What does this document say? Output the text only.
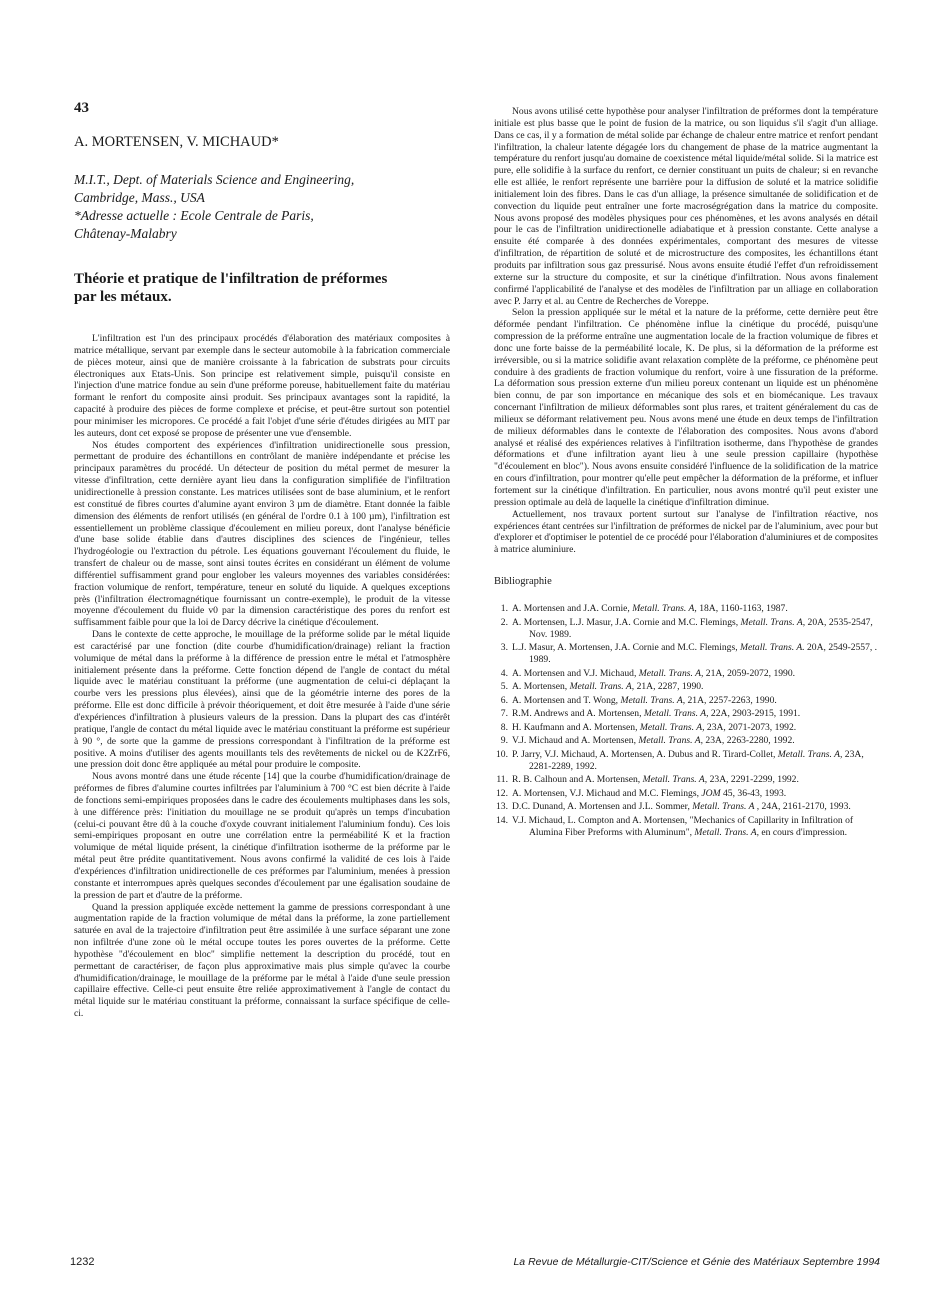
43
A. MORTENSEN, V. MICHAUD*
M.I.T., Dept. of Materials Science and Engineering,
Cambridge, Mass., USA
*Adresse actuelle : Ecole Centrale de Paris,
Châtenay-Malabry
Théorie et pratique de l'infiltration de préformes
par les métaux.

L'infiltration est l'un des principaux procédés d'élaboration des matériaux composites à matrice métallique, servant par exemple dans le secteur automobile à la fabrication commerciale de pièces moteur, ainsi que de manière croissante à la fabrication de substrats pour circuits électroniques aux Etats-Unis. Son principe est relativement simple, puisqu'il consiste en l'injection d'une matrice fondue au sein d'une préforme poreuse, habituellement faite du matériau formant le renfort du composite ainsi produit. Ses principaux avantages sont la rapidité, la capacité à produire des pièces de forme complexe et précise, et peut-être surtout son potentiel pour minimiser les micropores. Ce procédé a fait l'objet d'une série d'études dirigées au MIT par les auteurs, dont cet exposé se propose de présenter une vue d'ensemble.

Nos études comportent des expériences d'infiltration unidirectionelle sous pression, permettant de produire des échantillons en contrôlant de manière indépendante et précise les principaux paramètres du procédé. Un détecteur de position du métal permet de mesurer la vitesse d'infiltration, cette dernière ayant lieu dans la configuration simplifiée de l'infiltration unidirectionelle à pression constante. Les matrices utilisées sont de base aluminium, et le renfort est constitué de fibres courtes d'alumine ayant environ 3 µm de diamètre. Etant donnée la faible dimension des éléments de renfort utilisés (en général de l'ordre 0.1 à 100 µm), l'infiltration est essentiellement un problème classique d'écoulement en milieu poreux, dont l'analyse bénéficie d'une base solide établie dans d'autres disciplines des sciences de l'ingénieur, telles l'hydrogéologie ou l'extraction du pétrole. Les équations gouvernant l'écoulement du fluide, le transfert de chaleur ou de masse, sont ainsi toutes écrites en considérant un élément de volume différentiel suffisamment grand pour englober les valeurs moyennes des variables considérées: fraction volumique de renfort, température, teneur en soluté du liquide. A quelques exceptions près (l'infiltration électromagnétique fournissant un contre-exemple), le produit de la vitesse moyenne d'écoulement du fluide v0 par la dimension caractéristique des pores du renfort est suffisamment faible pour que la loi de Darcy décrive la cinétique d'écoulement.

Dans le contexte de cette approche, le mouillage de la préforme solide par le métal liquide est caractérisé par une fonction (dite courbe d'humidification/drainage) reliant la fraction volumique de métal dans la préforme à la différence de pression entre le métal et l'atmosphère initialement présente dans la préforme. Cette fonction dépend de l'angle de contact du métal liquide avec le matériau constituant la préforme (une augmentation de celui-ci déplaçant la courbe vers les pressions plus élevées), ainsi que de la géométrie interne des pores de la préforme. Elle est donc difficile à prévoir théoriquement, et doit être mesurée à l'aide d'une série d'expériences d'infiltration à plusieurs valeurs de la pression. Dans la plupart des cas d'intérêt pratique, l'angle de contact du métal liquide avec le matériau constituant la préforme est supérieur à 90 °, de sorte que la gamme de pressions correspondant à l'infiltration de la préforme est positive. A moins d'utiliser des agents mouillants tels des revêtements de nickel ou de K2ZrF6, une pression doit donc être appliquée au métal pour produire le composite.

Nous avons montré dans une étude récente [14] que la courbe d'humidification/drainage de préformes de fibres d'alumine courtes infiltrées par l'aluminium à 700 °C est bien décrite à l'aide de fonctions semi-empiriques proposées dans le cadre des écoulements multiphases dans les sols, à une différence près: l'initiation du mouillage ne se produit qu'après un temps d'incubation (celui-ci pouvant être dû à la couche d'oxyde couvrant initialement l'aluminium fondu). Ces lois semi-empiriques proposant en outre une corrélation entre la perméabilité K et la fraction volumique de métal liquide présent, la cinétique d'infiltration isotherme de la préforme par le métal peut être prédite quantitativement. Nous avons confirmé la validité de ces lois à l'aide d'expériences d'infiltration unidirectionelle de ces préformes par l'aluminium, menées à pression constante et interrompues après quelques secondes d'écoulement par une égalisation soudaine de la pression de part et d'autre de la préforme.

Quand la pression appliquée excède nettement la gamme de pressions correspondant à une augmentation rapide de la fraction volumique de métal dans la préforme, la zone partiellement saturée en aval de la trajectoire d'infiltration peut être assimilée à une surface séparant une zone non infiltrée d'une zone où le métal occupe toutes les pores ouvertes de la préforme. Cette hypothèse "d'écoulement en bloc" simplifie nettement la description du procédé, tout en permettant de caractériser, de façon plus approximative mais plus simple qu'avec la courbe d'humidification/drainage, le mouillage de la préforme par le métal à l'aide d'une seule pression capillaire effective. Celle-ci peut ensuite être reliée approximativement à l'angle de contact du métal liquide sur le matériau constituant la préforme, connaissant la surface spécifique de celle-ci.

Nous avons utilisé cette hypothèse pour analyser l'infiltration de préformes dont la température initiale est plus basse que le point de fusion de la matrice, ou son liquidus s'il s'agit d'un alliage. Dans ce cas, il y a formation de métal solide par échange de chaleur entre matrice et renfort pendant l'infiltration, la chaleur latente dégagée lors du changement de phase de la matrice augmentant la température du renfort jusqu'au domaine de coexistence métal liquide/métal solide. Si la matrice est pure, elle solidifie à la surface du renfort, ce dernier constituant un puits de chaleur; si en revanche elle est alliée, le renfort représente une barrière pour la diffusion de soluté et la matrice solidifie initialement loin des fibres. Dans le cas d'un alliage, la présence simultanée de solidification et de convection du liquide peut entraîner une forte macroségrégation dans la matrice du composite. Nous avons proposé des modèles physiques pour ces phénomènes, et les avons analysés en détail pour le cas de l'infiltration unidirectionelle adiabatique et à pression constante. Cette analyse a ensuite été comparée à des données expérimentales, comportant des mesures de vitesse d'infiltration, de répartition de soluté et de microstructure des composites, les échantillons étant produits par infiltration sous gaz pressurisé. Nous avons ensuite étudié l'effet d'un refroidissement externe sur la structure du composite, et sur la cinétique d'infiltration. Nous avons finalement confirmé l'applicabilité de l'analyse et des modèles de l'infiltration par un alliage en collaboration avec P. Jarry et al. au Centre de Recherches de Voreppe.

Selon la pression appliquée sur le métal et la nature de la préforme, cette dernière peut être déformée pendant l'infiltration. Ce phénomène influe la cinétique du procédé, puisqu'une compression de la préforme entraîne une augmentation locale de la fraction volumique de fibres et donc une forte baisse de la perméabilité locale, K. De plus, si la déformation de la préforme est irréversible, ou si la matrice solidifie avant relaxation complète de la préforme, ce phénomène peut conduire à des gradients de fraction volumique du renfort, voire à une fissuration de la préforme. La déformation sous pression externe d'un milieu poreux contenant un liquide est un phénomène bien connu, de par son importance en mécanique des sols et en biomécanique. Les travaux concernant l'infiltration de milieux déformables sont plus rares, et traitent généralement du cas de milieux se déformant relativement peu. Nous avons mené une étude en deux temps de l'infiltration de milieux déformables dans le contexte de l'élaboration des composites. Nous avons d'abord analysé et réalisé des expériences relatives à l'infiltration isotherme, dans l'hypothèse de grandes déformations et d'une infiltration ayant lieu à une seule pression capillaire (hypothèse "d'écoulement en bloc"). Nous avons ensuite considéré l'influence de la solidification de la matrice en cours d'infiltration, pour montrer qu'elle peut empêcher la déformation de la préforme, et influer fortement sur la cinétique d'infiltration. En particulier, nous avons montré qu'il peut exister une pression optimale au delà de laquelle la cinétique d'infiltration diminue.

Actuellement, nos travaux portent surtout sur l'analyse de l'infiltration réactive, nos expériences étant centrées sur l'infiltration de préformes de nickel par de l'aluminium, avec pour but d'explorer et d'optimiser le potentiel de ce procédé pour l'élaboration d'aluminiures et de composites à matrice aluminiure.

Bibliographie
1. A. Mortensen and J.A. Cornie, Metall. Trans. A, 18A, 1160-1163, 1987.
2. A. Mortensen, L.J. Masur, J.A. Cornie and M.C. Flemings, Metall. Trans. A, 20A, 2535-2547, Nov. 1989.
3. L.J. Masur, A. Mortensen, J.A. Cornie and M.C. Flemings, Metall. Trans. A. 20A, 2549-2557, . 1989.
4. A. Mortensen and V.J. Michaud, Metall. Trans. A, 21A, 2059-2072, 1990.
5. A. Mortensen, Metall. Trans. A, 21A, 2287, 1990.
6. A. Mortensen and T. Wong, Metall. Trans. A, 21A, 2257-2263, 1990.
7. R.M. Andrews and A. Mortensen, Metall. Trans. A, 22A, 2903-2915, 1991.
8. H. Kaufmann and A. Mortensen, Metall. Trans. A, 23A, 2071-2073, 1992.
9. V.J. Michaud and A. Mortensen, Metall. Trans. A, 23A, 2263-2280, 1992.
10. P. Jarry, V.J. Michaud, A. Mortensen, A. Dubus and R. Tirard-Collet, Metall. Trans. A, 23A, 2281-2289, 1992.
11. R. B. Calhoun and A. Mortensen, Metall. Trans. A, 23A, 2291-2299, 1992.
12. A. Mortensen, V.J. Michaud and M.C. Flemings, JOM 45, 36-43, 1993.
13. D.C. Dunand, A. Mortensen and J.L. Sommer, Metall. Trans. A , 24A, 2161-2170, 1993.
14. V.J. Michaud, L. Compton and A. Mortensen, "Mechanics of Capillarity in Infiltration of Alumina Fiber Preforms with Aluminum", Metall. Trans. A, en cours d'impression.
1232	La Revue de Métallurgie-CIT/Science et Génie des Matériaux Septembre 1994
